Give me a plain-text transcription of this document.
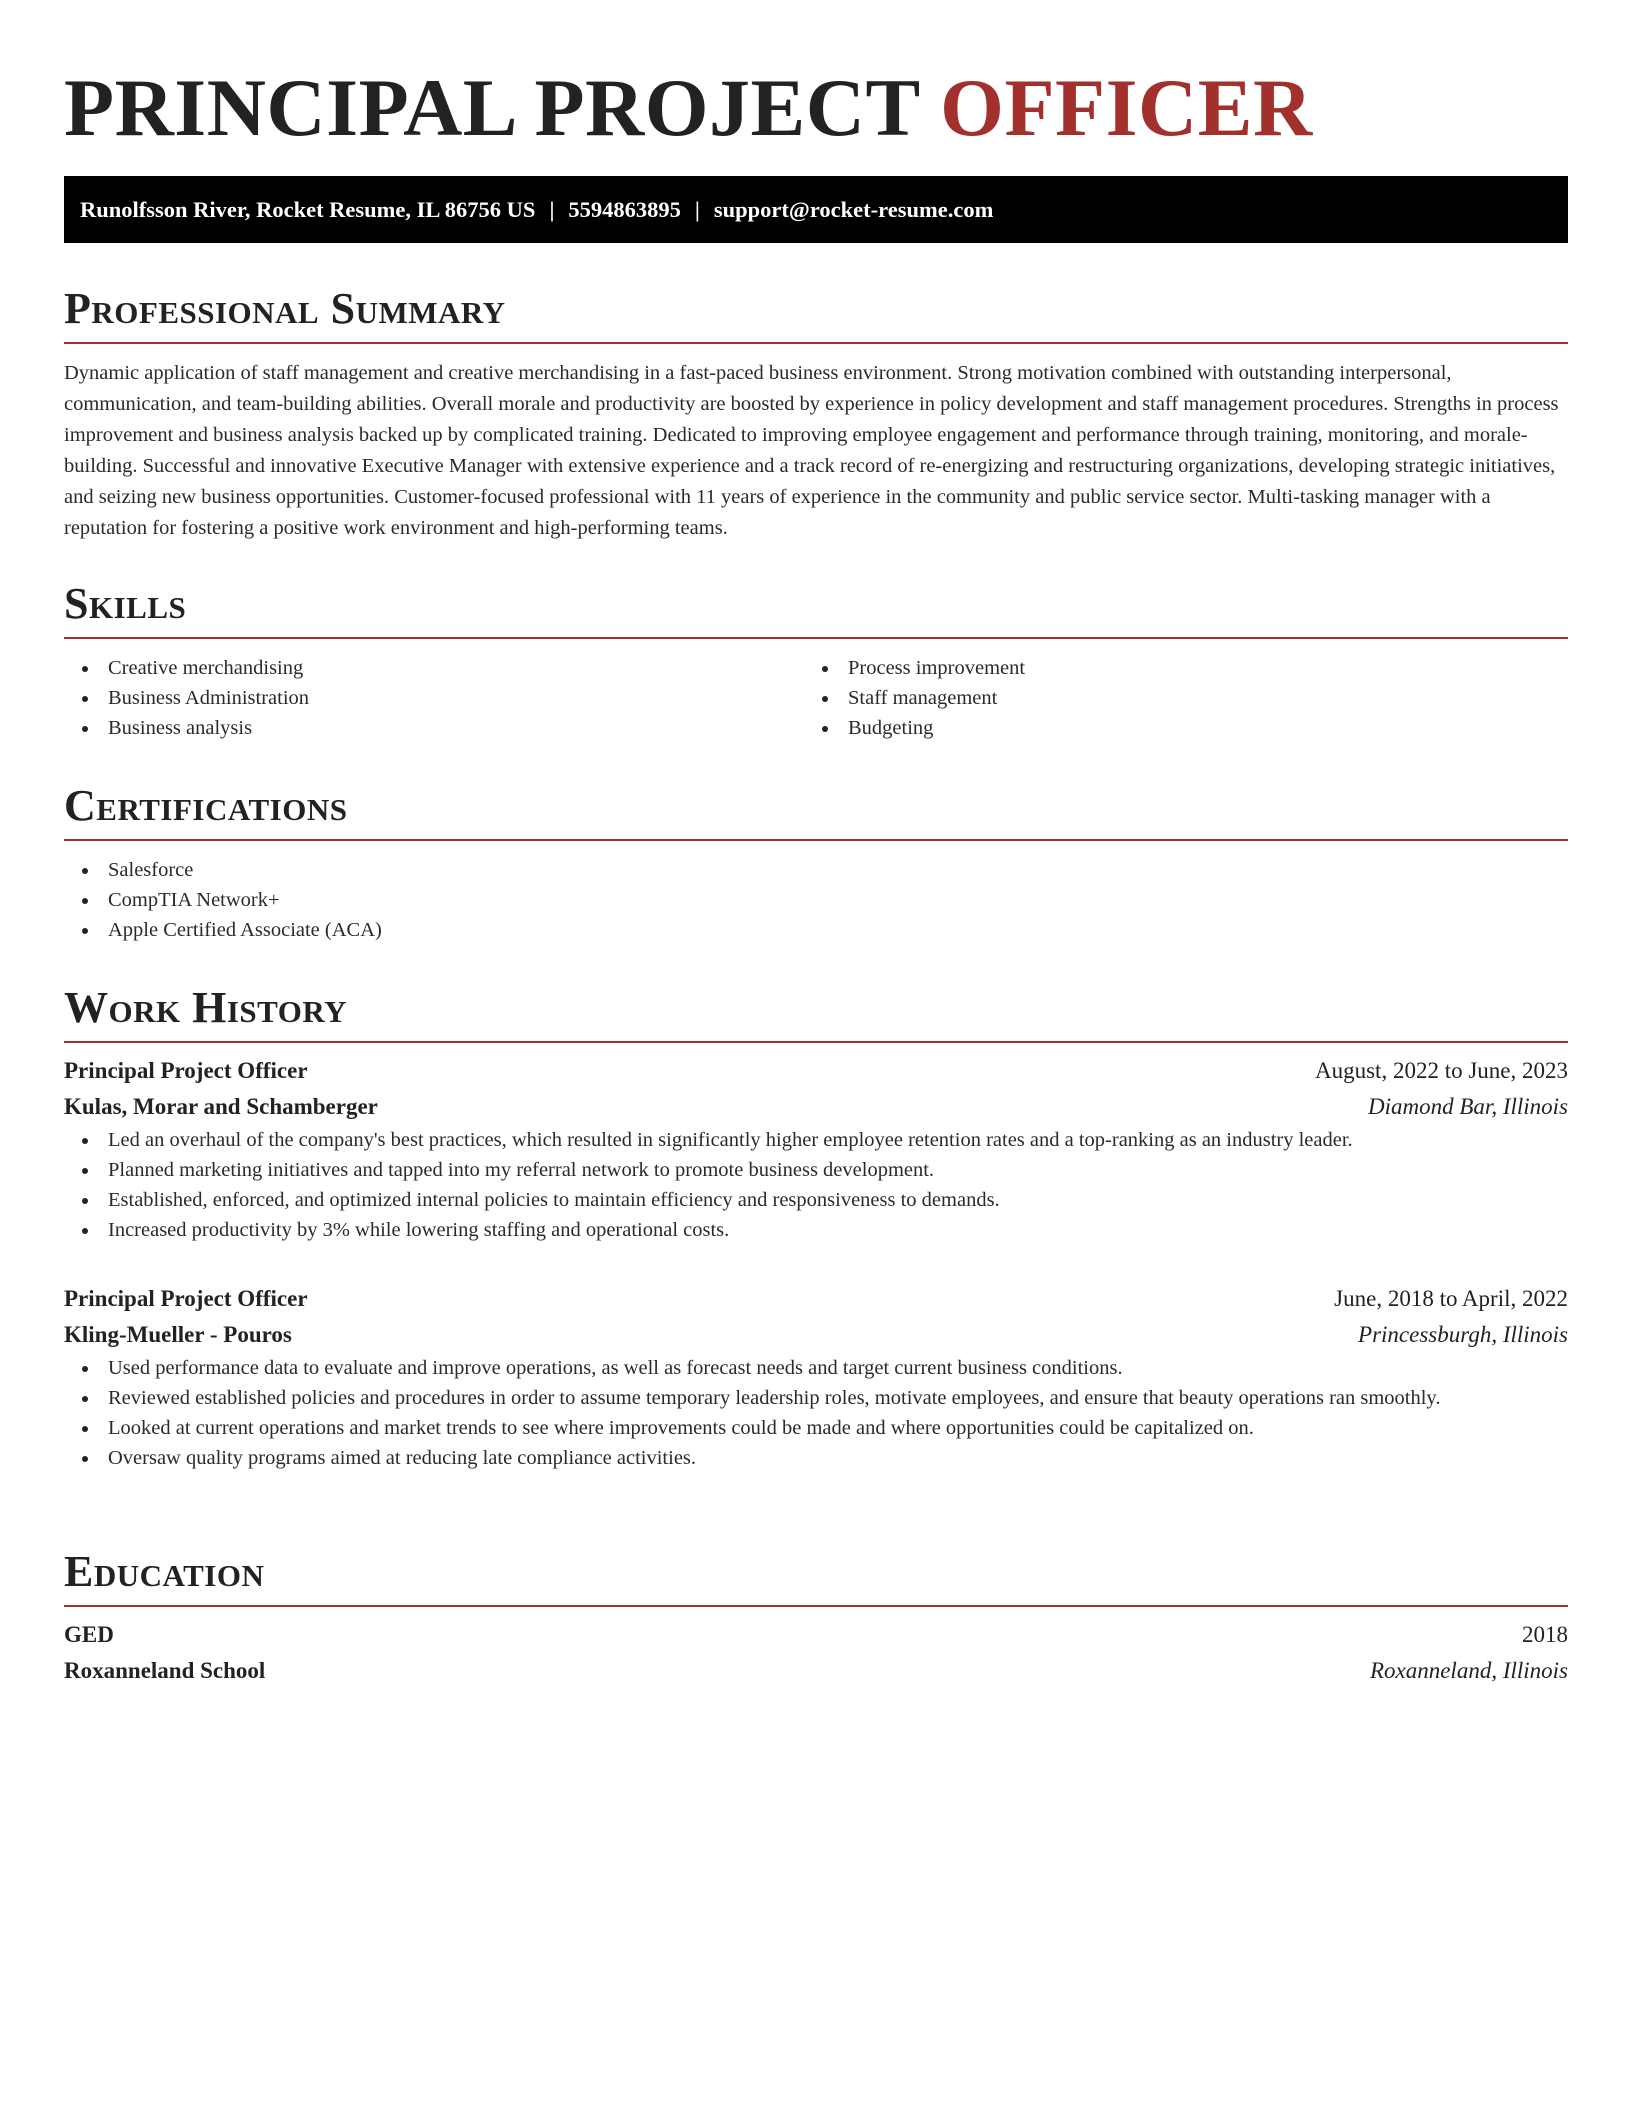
PRINCIPAL PROJECT OFFICER
Runolfsson River, Rocket Resume, IL 86756 US | 5594863895 | support@rocket-resume.com
Professional Summary

Dynamic application of staff management and creative merchandising in a fast-paced business environment. Strong motivation combined with outstanding interpersonal, communication, and team-building abilities. Overall morale and productivity are boosted by experience in policy development and staff management procedures. Strengths in process improvement and business analysis backed up by complicated training. Dedicated to improving employee engagement and performance through training, monitoring, and morale-building. Successful and innovative Executive Manager with extensive experience and a track record of re-energizing and restructuring organizations, developing strategic initiatives, and seizing new business opportunities. Customer-focused professional with 11 years of experience in the community and public service sector. Multi-tasking manager with a reputation for fostering a positive work environment and high-performing teams.

Skills
Creative merchandising
Business Administration
Business analysis
Process improvement
Staff management
Budgeting
Certifications
Salesforce
CompTIA Network+
Apple Certified Associate (ACA)
Work History
Principal Project Officer	August, 2022 to June, 2023
Kulas, Morar and Schamberger	Diamond Bar, Illinois
Led an overhaul of the company's best practices, which resulted in significantly higher employee retention rates and a top-ranking as an industry leader.
Planned marketing initiatives and tapped into my referral network to promote business development.
Established, enforced, and optimized internal policies to maintain efficiency and responsiveness to demands.
Increased productivity by 3% while lowering staffing and operational costs.
Principal Project Officer	June, 2018 to April, 2022
Kling-Mueller - Pouros	Princessburgh, Illinois
Used performance data to evaluate and improve operations, as well as forecast needs and target current business conditions.
Reviewed established policies and procedures in order to assume temporary leadership roles, motivate employees, and ensure that beauty operations ran smoothly.
Looked at current operations and market trends to see where improvements could be made and where opportunities could be capitalized on.
Oversaw quality programs aimed at reducing late compliance activities.
Education
GED	2018
Roxanneland School	Roxanneland, Illinois
